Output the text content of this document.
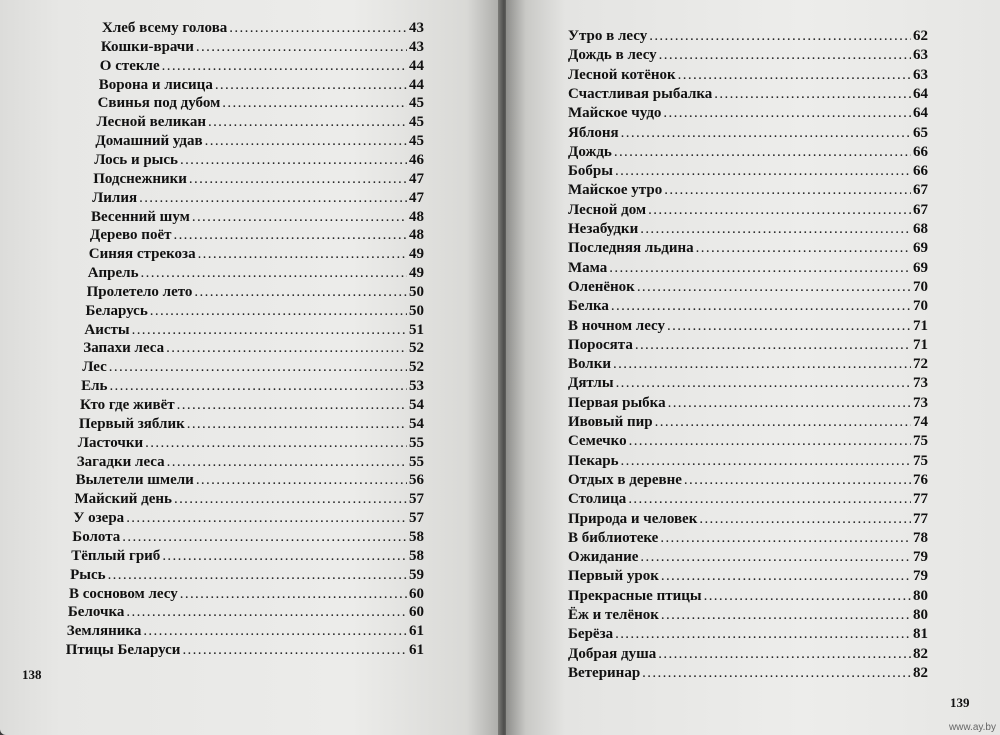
Хлеб всему голова . . .	43
Кошки-врачи . . .	43
О стекле . . .	44
Ворона и лисица . . .	44
Свинья под дубом . . .	45
Лесной великан . . .	45
Домашний удав . . .	45
Лось и рысь . . .	46
Подснежники . . .	47
Лилия . . .	47
Весенний шум . . .	48
Дерево поёт . . .	48
Синяя стрекоза . . .	49
Апрель . . .	49
Пролетело лето . . .	50
Беларусь . . .	50
Аисты . . .	51
Запахи леса . . .	52
Лес . . .	52
Ель . . .	53
Кто где живёт . . .	54
Первый зяблик . . .	54
Ласточки . . .	55
Загадки леса . . .	55
Вылетели шмели . . .	56
Майский день . . .	57
У озера . . .	57
Болота . . .	58
Тёплый гриб . . .	58
Рысь . . .	59
В сосновом лесу . . .	60
Белочка . . .	60
Земляника . . .	61
Птицы Беларуси . . .	61
138
Утро в лесу . . .	62
Дождь в лесу . . .	63
Лесной котёнок . . .	63
Счастливая рыбалка . . .	64
Майское чудо . . .	64
Яблоня . . .	65
Дождь . . .	66
Бобры . . .	66
Майское утро . . .	67
Лесной дом . . .	67
Незабудки . . .	68
Последняя льдина . . .	69
Мама . . .	69
Оленёнок . . .	70
Белка . . .	70
В ночном лесу . . .	71
Поросята . . .	71
Волки . . .	72
Дятлы . . .	73
Первая рыбка . . .	73
Ивовый пир . . .	74
Семечко . . .	75
Пекарь . . .	75
Отдых в деревне . . .	76
Столица . . .	77
Природа и человек . . .	77
В библиотеке . . .	78
Ожидание . . .	79
Первый урок . . .	79
Прекрасные птицы . . .	80
Ёж и телёнок . . .	80
Берёза . . .	81
Добрая душа . . .	82
Ветеринар . . .	82
139
www.ay.by
